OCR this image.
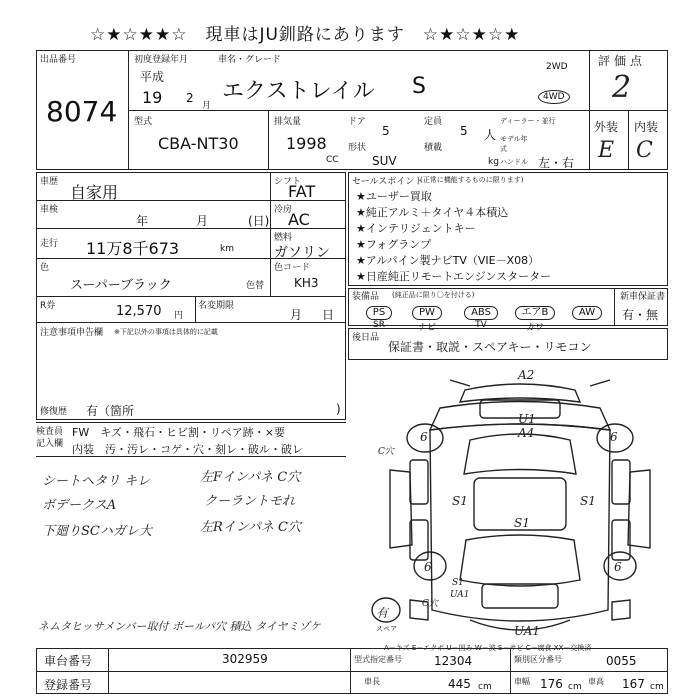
☆★☆★★☆　現車はJU釧路にあります　☆★☆★☆★
出品番号
8074
初度登録年月
平成
19 2
月
車名・グレード
エクストレイル S
2WD
4WD
評価点
2
外装 内装
E C
型式
CBA-NT30
排気量
1998
CC
ドア
5
定員
5 人
形状	積載
SUV	kg
ディーラー・並行
モデル年式
ハンドル 左・右
車歴
自家用
シフト
FAT
車検
年	月	(日)
冷房
AC
走行 11万8千673	km
燃料
ガソリン
色
スーパーブラック	色替
色コード
KH3
R券	12,570 円
名変期限
月 日
注意事項申告欄 ※下記以外の事項は具体的に記載
修復歴 有（箇所	)
セールスポイント
(正常に機能するものに限ります)
★ユーザー買取
★純正アルミ＋タイヤ４本積込
★インテリジェントキー
★フォグランプ
★アルパイン製ナビTV（VIE－X08）
★日産純正リモートエンジンスターター
装備品 (純正品に限り〇を付ける)
PS
SR
PW
ナビ
ABS
TV
エアB
カワ
AW
新車保証書
有・無
後日品
保証書・取説・スペアキー・リモコン
検査員記入欄
FW　キズ・飛石・ヒビ割・リペア跡・×要
内装　汚・汚レ・コゲ・穴・刻レ・破ル・破レ
シートヘタリ キレ
ボデークスA
下廻りSCハガレ大
左Fインパネ C穴
クーラントモれ
左Rインパネ C穴
ネムタヒッサメンバー取付 ボールパ穴 積込 タイヤミゾケ
A2
U1
A4
6	6
C穴
S1
S1
S1
6	6
S1
UA1
C穴
有
スペア	UA1
A－キズ E－エクボ U－凹み W－波 S－サビ C－腐食 XX－交換済
車台番号	302959
登録番号
型式指定番号	12304	類別区分番号	0055
車長	445 cm
車幅 176 cm
車高 167 cm
